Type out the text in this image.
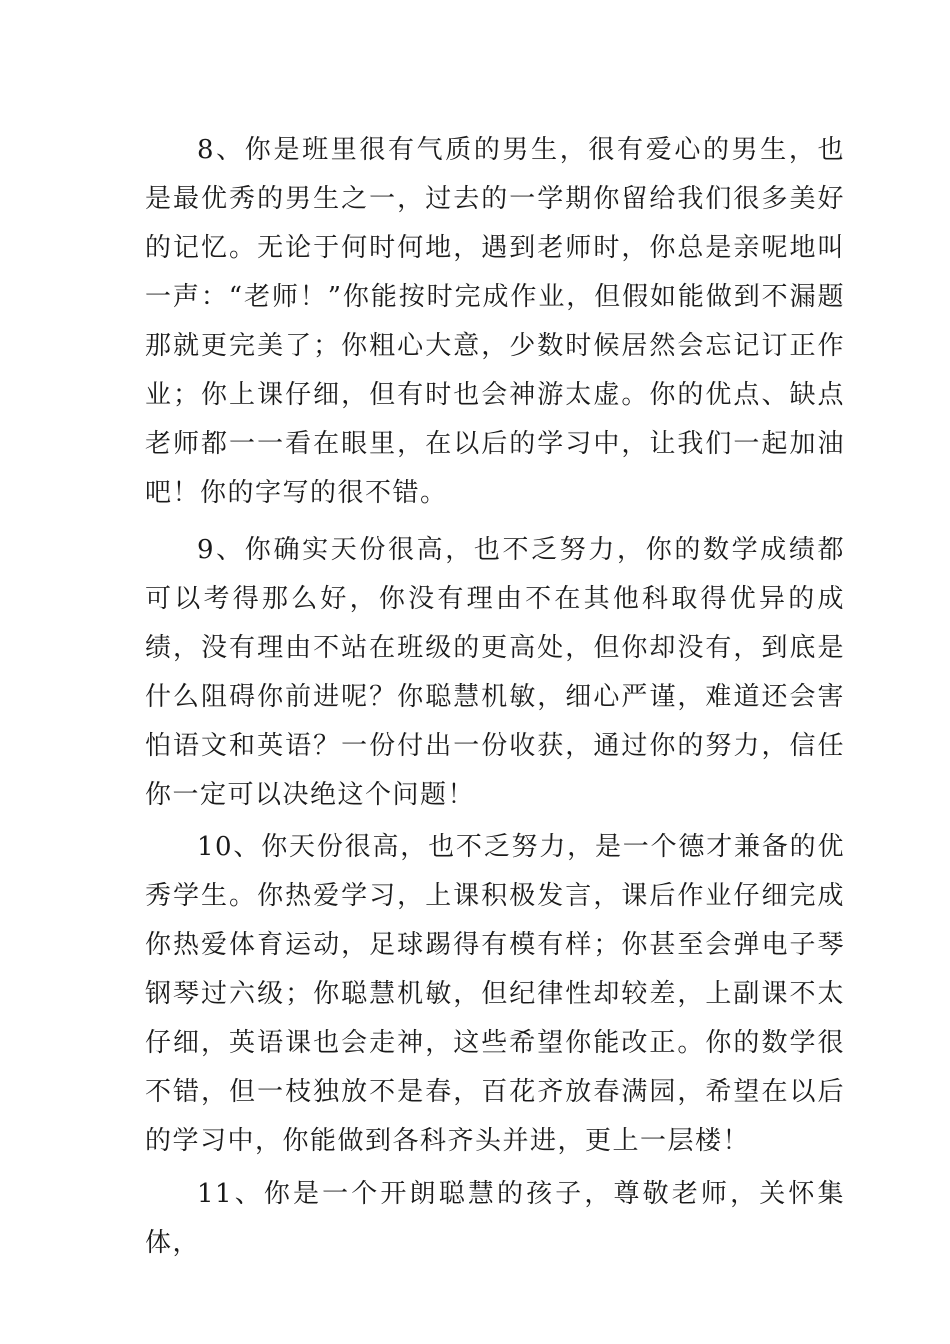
8、你是班里很有气质的男生，很有爱心的男生，也是最优秀的男生之一，过去的一学期你留给我们很多美好的记忆。无论于何时何地，遇到老师时，你总是亲呢地叫一声：“老师！”你能按时完成作业，但假如能做到不漏题那就更完美了；你粗心大意，少数时候居然会忘记订正作业；你上课仔细，但有时也会神游太虚。你的优点、缺点老师都一一看在眼里，在以后的学习中，让我们一起加油吧！你的字写的很不错。

9、你确实天份很高，也不乏努力，你的数学成绩都可以考得那么好，你没有理由不在其他科取得优异的成绩，没有理由不站在班级的更高处，但你却没有，到底是什么阻碍你前进呢？你聪慧机敏，细心严谨，难道还会害怕语文和英语？一份付出一份收获，通过你的努力，信任你一定可以决绝这个问题！

10、你天份很高，也不乏努力，是一个德才兼备的优秀学生。你热爱学习，上课积极发言，课后作业仔细完成你热爱体育运动，足球踢得有模有样；你甚至会弹电子琴钢琴过六级；你聪慧机敏，但纪律性却较差，上副课不太仔细，英语课也会走神，这些希望你能改正。你的数学很不错，但一枝独放不是春，百花齐放春满园，希望在以后的学习中，你能做到各科齐头并进，更上一层楼！

11、你是一个开朗聪慧的孩子，尊敬老师，关怀集体，
